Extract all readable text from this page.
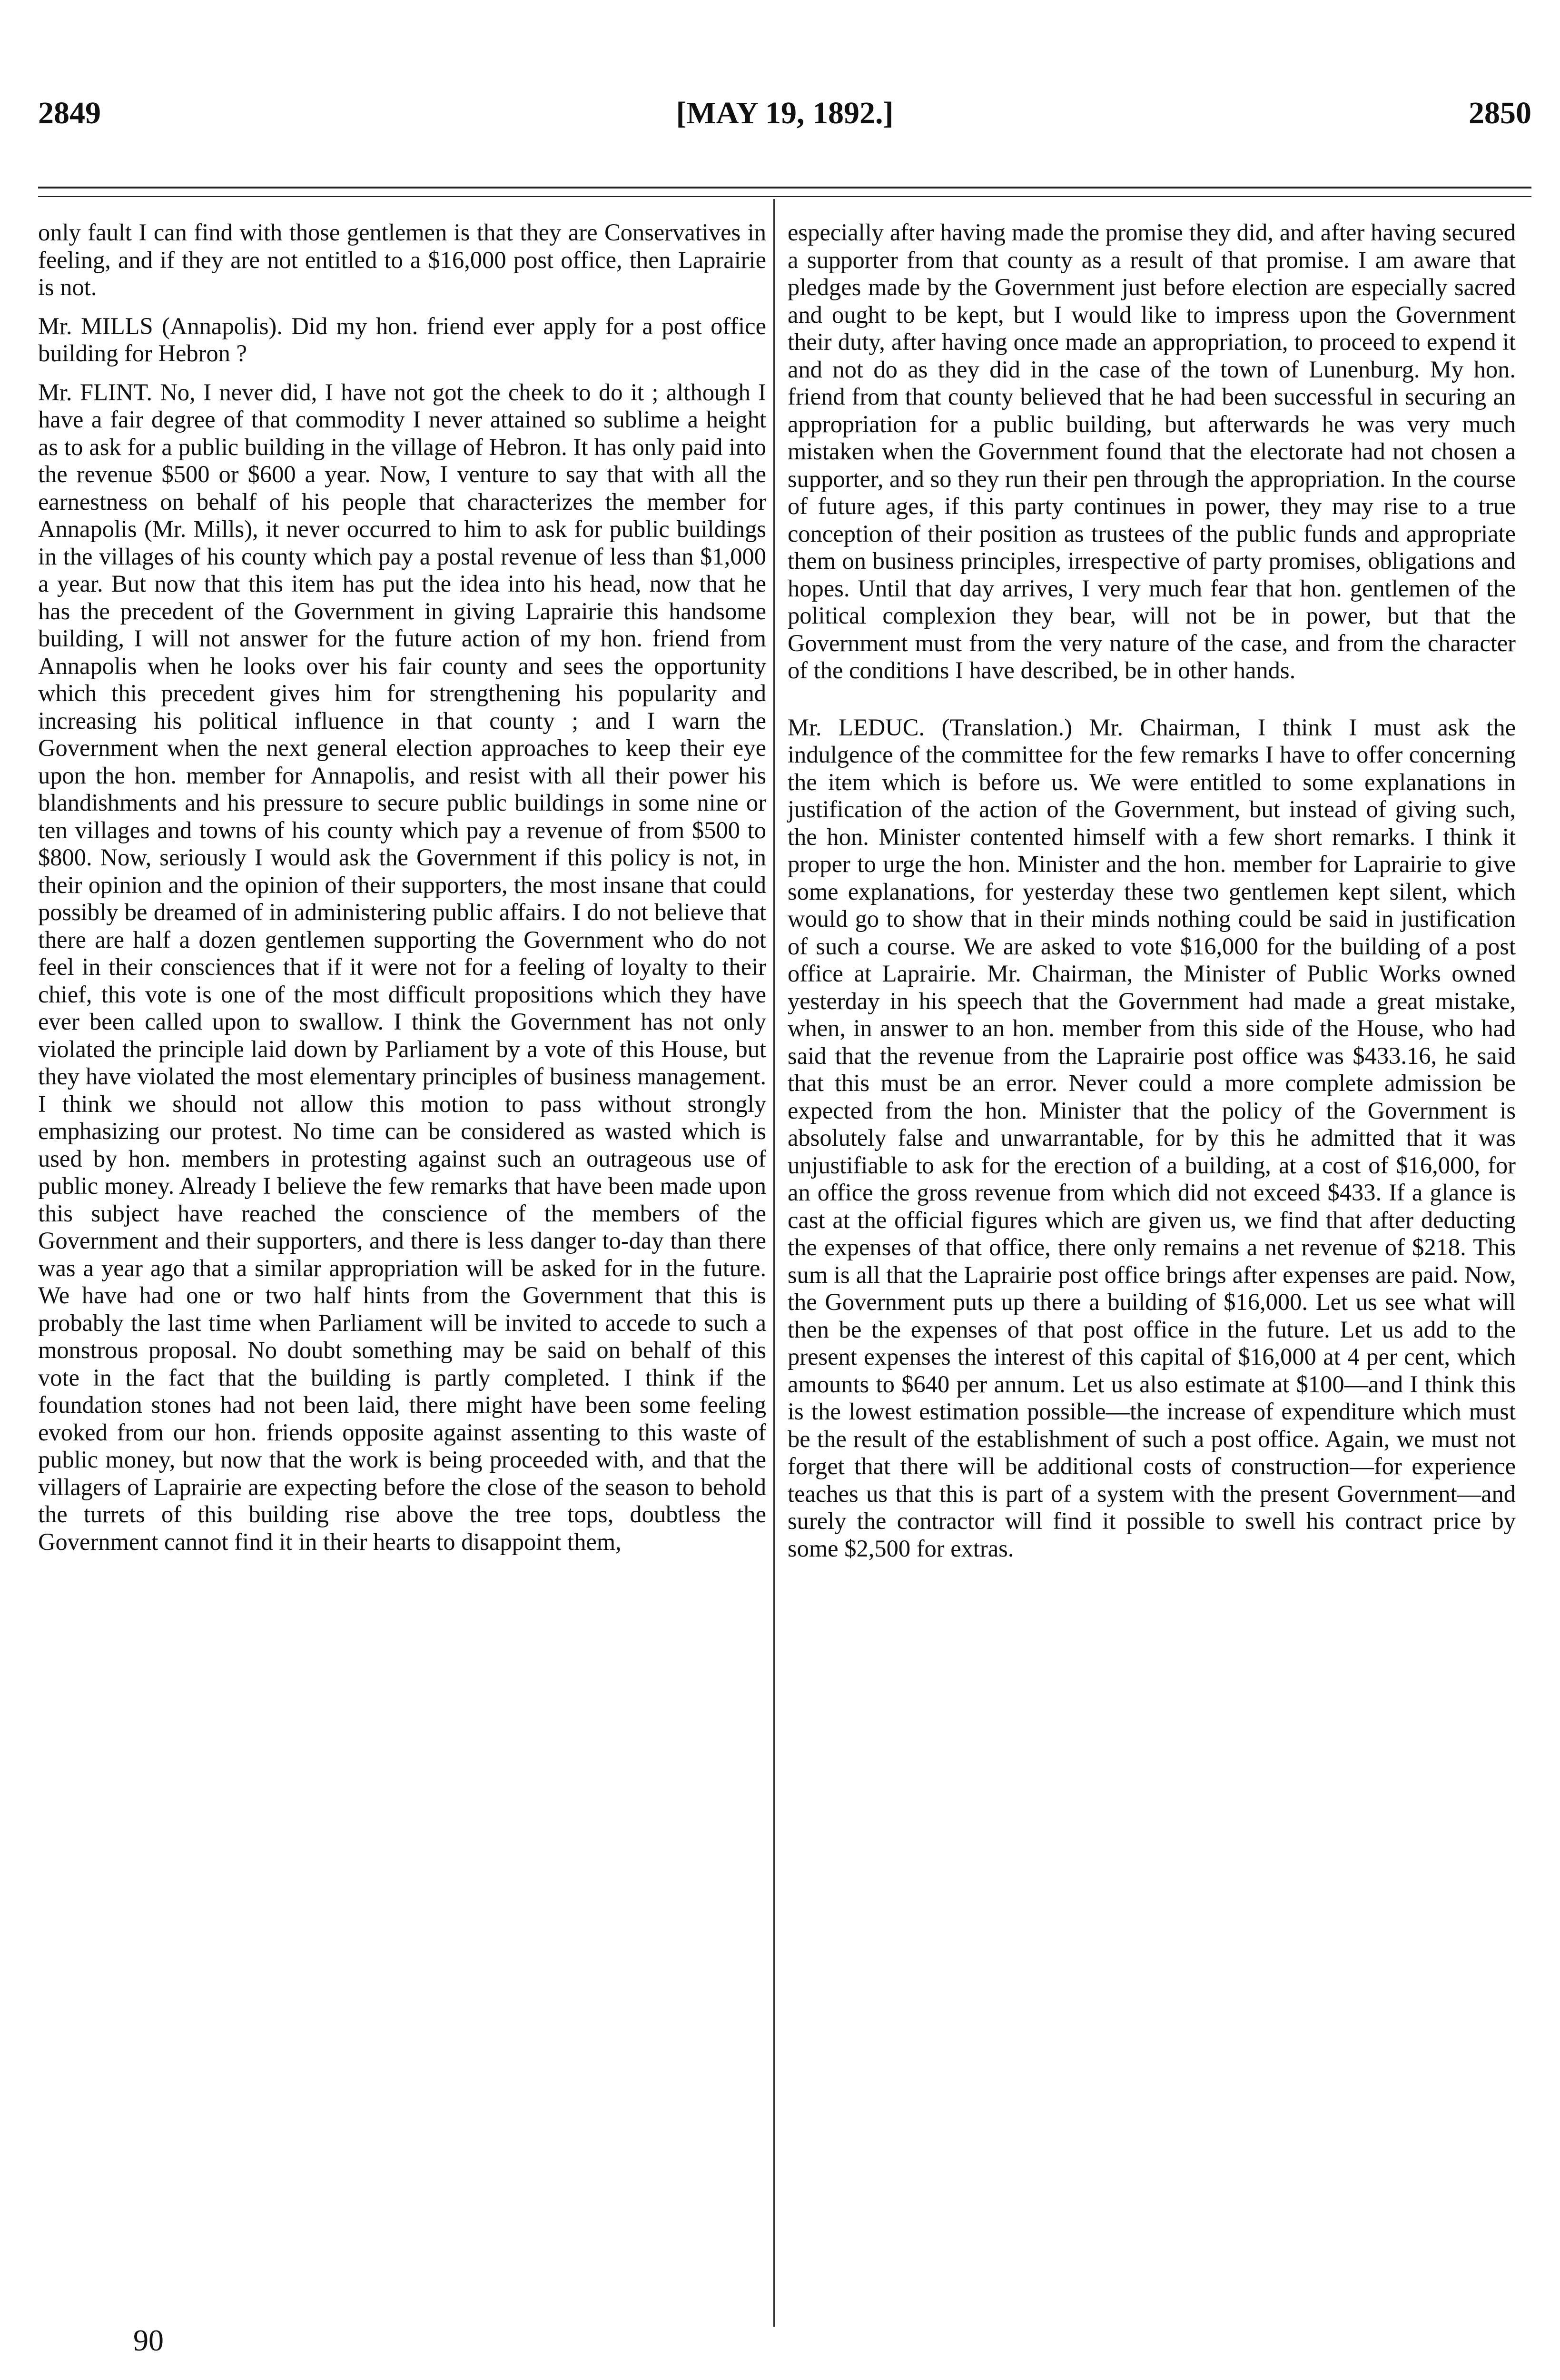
2849	[MAY 19, 1892.]	2850

only fault I can find with those gentlemen is that they are Conservatives in feeling, and if they are not entitled to a $16,000 post office, then Laprairie is not.

Mr. MILLS (Annapolis). Did my hon. friend ever apply for a post office building for Hebron ?

Mr. FLINT. No, I never did, I have not got the cheek to do it ; although I have a fair degree of that commodity I never attained so sublime a height as to ask for a public building in the village of Hebron. It has only paid into the revenue $500 or $600 a year. Now, I venture to say that with all the earnestness on behalf of his people that characterizes the member for Annapolis (Mr. Mills), it never occurred to him to ask for public buildings in the villages of his county which pay a postal revenue of less than $1,000 a year. But now that this item has put the idea into his head, now that he has the precedent of the Government in giving Laprairie this handsome building, I will not answer for the future action of my hon. friend from Annapolis when he looks over his fair county and sees the opportunity which this precedent gives him for strengthening his popularity and increasing his political influence in that county ; and I warn the Government when the next general election approaches to keep their eye upon the hon. member for Annapolis, and resist with all their power his blandishments and his pressure to secure public buildings in some nine or ten villages and towns of his county which pay a revenue of from $500 to $800. Now, seriously I would ask the Government if this policy is not, in their opinion and the opinion of their supporters, the most insane that could possibly be dreamed of in administering public affairs. I do not believe that there are half a dozen gentlemen supporting the Government who do not feel in their consciences that if it were not for a feeling of loyalty to their chief, this vote is one of the most difficult propositions which they have ever been called upon to swallow. I think the Government has not only violated the principle laid down by Parliament by a vote of this House, but they have violated the most elementary principles of business management. I think we should not allow this motion to pass without strongly emphasizing our protest. No time can be considered as wasted which is used by hon. members in protesting against such an outrageous use of public money. Already I believe the few remarks that have been made upon this subject have reached the conscience of the members of the Government and their supporters, and there is less danger to-day than there was a year ago that a similar appropriation will be asked for in the future. We have had one or two half hints from the Government that this is probably the last time when Parliament will be invited to accede to such a monstrous proposal. No doubt something may be said on behalf of this vote in the fact that the building is partly completed. I think if the foundation stones had not been laid, there might have been some feeling evoked from our hon. friends opposite against assenting to this waste of public money, but now that the work is being proceeded with, and that the villagers of Laprairie are expecting before the close of the season to behold the turrets of this building rise above the tree tops, doubtless the Government cannot find it in their hearts to disappoint them,

especially after having made the promise they did, and after having secured a supporter from that county as a result of that promise. I am aware that pledges made by the Government just before election are especially sacred and ought to be kept, but I would like to impress upon the Government their duty, after having once made an appropriation, to proceed to expend it and not do as they did in the case of the town of Lunenburg. My hon. friend from that county believed that he had been successful in securing an appropriation for a public building, but afterwards he was very much mistaken when the Government found that the electorate had not chosen a supporter, and so they run their pen through the appropriation. In the course of future ages, if this party continues in power, they may rise to a true conception of their position as trustees of the public funds and appropriate them on business principles, irrespective of party promises, obligations and hopes. Until that day arrives, I very much fear that hon. gentlemen of the political complexion they bear, will not be in power, but that the Government must from the very nature of the case, and from the character of the conditions I have described, be in other hands.

Mr. LEDUC. (Translation.) Mr. Chairman, I think I must ask the indulgence of the committee for the few remarks I have to offer concerning the item which is before us. We were entitled to some explanations in justification of the action of the Government, but instead of giving such, the hon. Minister contented himself with a few short remarks. I think it proper to urge the hon. Minister and the hon. member for Laprairie to give some explanations, for yesterday these two gentlemen kept silent, which would go to show that in their minds nothing could be said in justification of such a course. We are asked to vote $16,000 for the building of a post office at Laprairie. Mr. Chairman, the Minister of Public Works owned yesterday in his speech that the Government had made a great mistake, when, in answer to an hon. member from this side of the House, who had said that the revenue from the Laprairie post office was $433.16, he said that this must be an error. Never could a more complete admission be expected from the hon. Minister that the policy of the Government is absolutely false and unwarrantable, for by this he admitted that it was unjustifiable to ask for the erection of a building, at a cost of $16,000, for an office the gross revenue from which did not exceed $433. If a glance is cast at the official figures which are given us, we find that after deducting the expenses of that office, there only remains a net revenue of $218. This sum is all that the Laprairie post office brings after expenses are paid. Now, the Government puts up there a building of $16,000. Let us see what will then be the expenses of that post office in the future. Let us add to the present expenses the interest of this capital of $16,000 at 4 per cent, which amounts to $640 per annum. Let us also estimate at $100—and I think this is the lowest estimation possible—the increase of expenditure which must be the result of the establishment of such a post office. Again, we must not forget that there will be additional costs of construction—for experience teaches us that this is part of a system with the present Government—and surely the contractor will find it possible to swell his contract price by some $2,500 for extras.

90
